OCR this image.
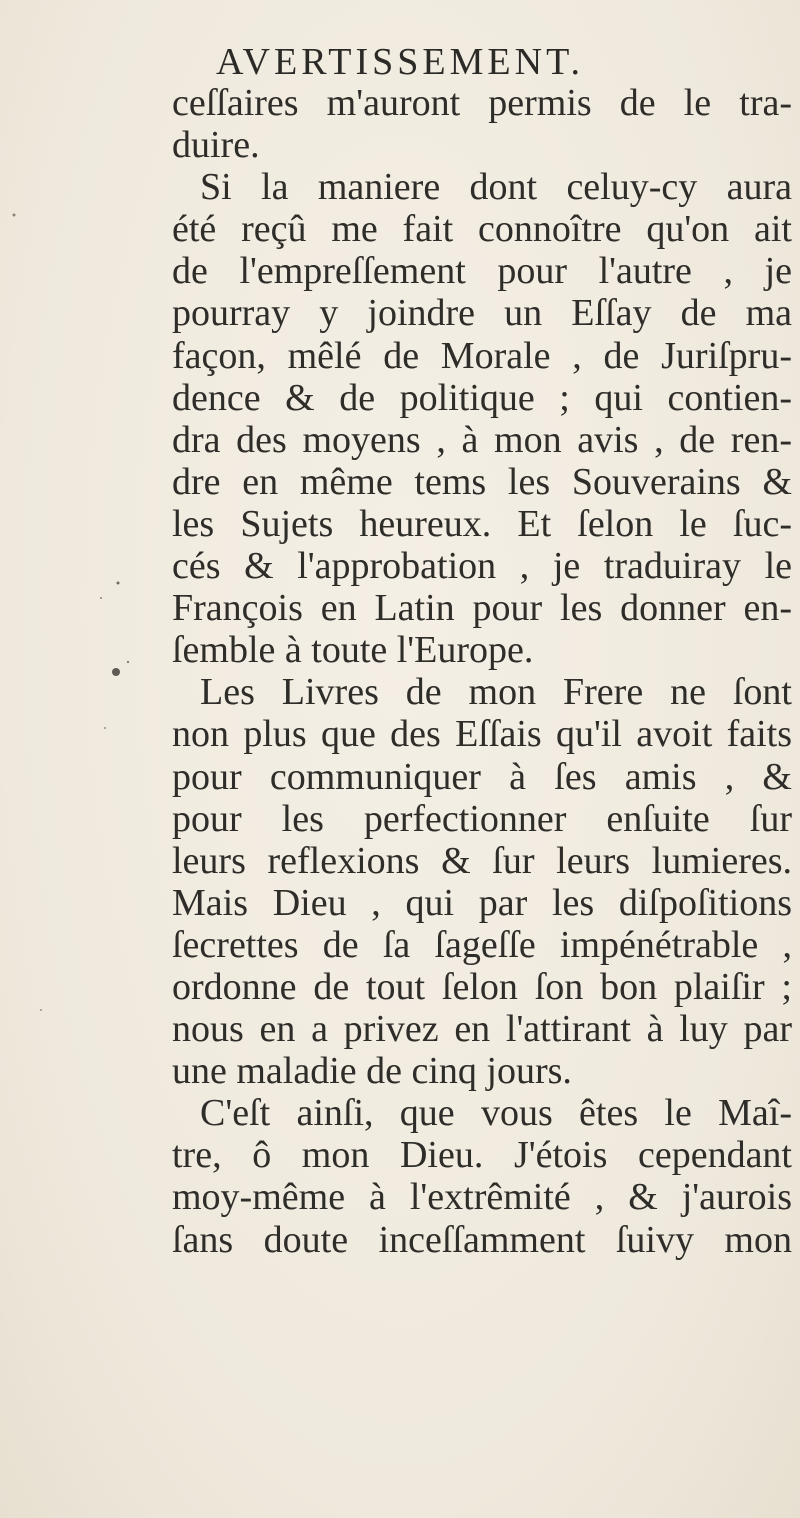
AVERTISSEMENT.
ceſſaires m'auront permis de le tra-
duire.
Si la maniere dont celuy-cy aura
été reçû me fait connoître qu'on ait
de l'empreſſement pour l'autre , je
pourray y joindre un Eſſay de ma
façon, mêlé de Morale , de Juriſpru-
dence & de politique ; qui contien-
dra des moyens , à mon avis , de ren-
dre en même tems les Souverains &
les Sujets heureux. Et ſelon le ſuc-
cés & l'approbation , je traduiray le
François en Latin pour les donner en-
ſemble à toute l'Europe.
Les Livres de mon Frere ne ſont
non plus que des Eſſais qu'il avoit faits
pour communiquer à ſes amis , &
pour les perfectionner enſuite ſur
leurs reflexions & ſur leurs lumieres.
Mais Dieu , qui par les diſpoſitions
ſecrettes de ſa ſageſſe impénétrable ,
ordonne de tout ſelon ſon bon plaiſir ;
nous en a privez en l'attirant à luy par
une maladie de cinq jours.
C'eſt ainſi, que vous êtes le Maî-
tre, ô mon Dieu. J'étois cependant
moy-même à l'extrêmité , & j'aurois
ſans doute inceſſamment ſuivy mon
